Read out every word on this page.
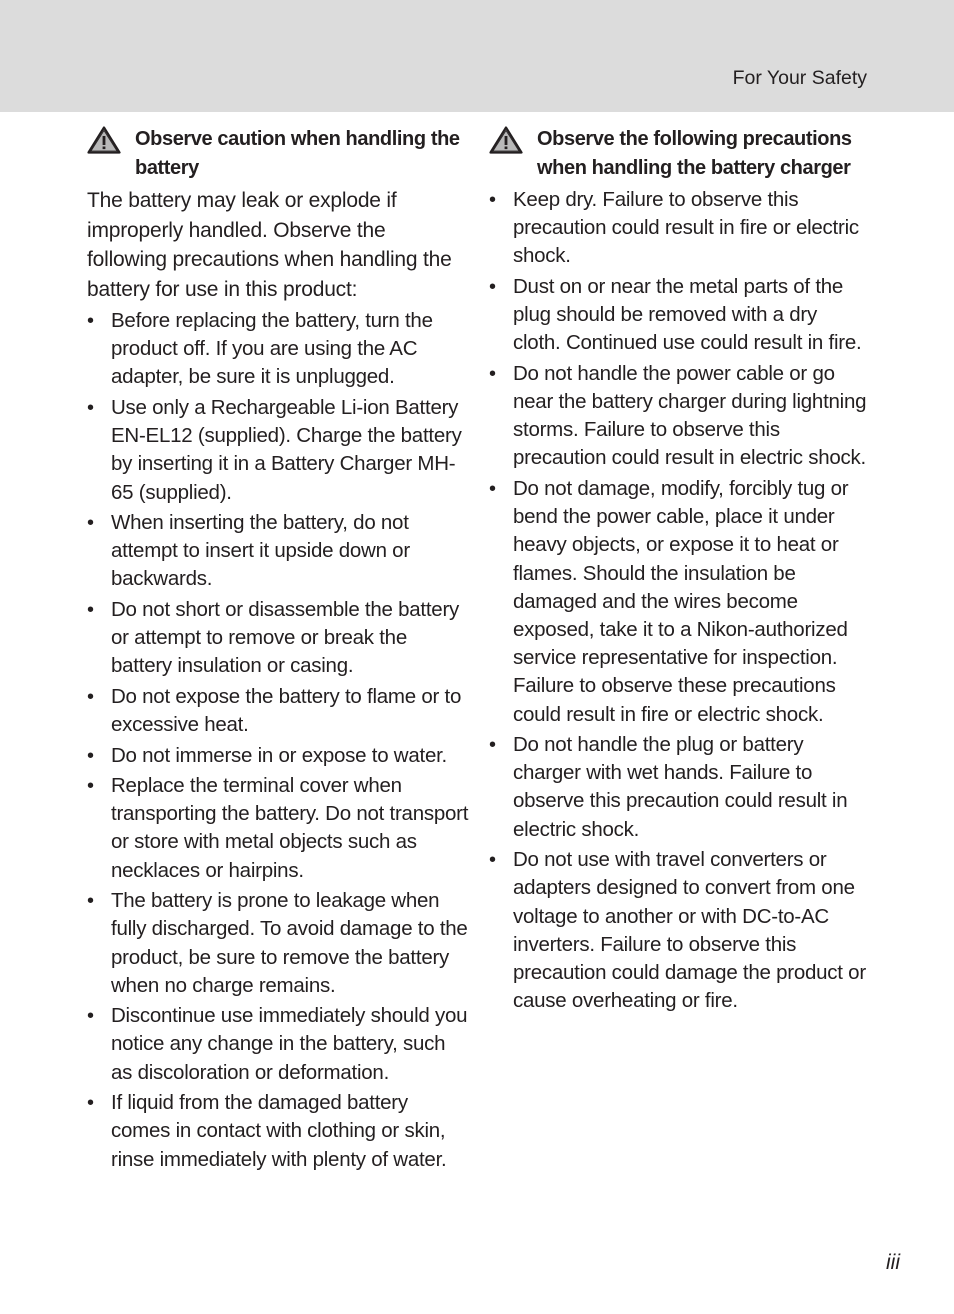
For Your Safety
Observe caution when handling the battery

The battery may leak or explode if improperly handled. Observe the following precautions when handling the battery for use in this product:

• Before replacing the battery, turn the product off. If you are using the AC adapter, be sure it is unplugged.
• Use only a Rechargeable Li-ion Battery EN-EL12 (supplied). Charge the battery by inserting it in a Battery Charger MH-65 (supplied).
• When inserting the battery, do not attempt to insert it upside down or backwards.
• Do not short or disassemble the battery or attempt to remove or break the battery insulation or casing.
• Do not expose the battery to flame or to excessive heat.
• Do not immerse in or expose to water.
• Replace the terminal cover when transporting the battery. Do not transport or store with metal objects such as necklaces or hairpins.
• The battery is prone to leakage when fully discharged. To avoid damage to the product, be sure to remove the battery when no charge remains.
• Discontinue use immediately should you notice any change in the battery, such as discoloration or deformation.
• If liquid from the damaged battery comes in contact with clothing or skin, rinse immediately with plenty of water.
Observe the following precautions when handling the battery charger
• Keep dry. Failure to observe this precaution could result in fire or electric shock.
• Dust on or near the metal parts of the plug should be removed with a dry cloth. Continued use could result in fire.
• Do not handle the power cable or go near the battery charger during lightning storms. Failure to observe this precaution could result in electric shock.
• Do not damage, modify, forcibly tug or bend the power cable, place it under heavy objects, or expose it to heat or flames. Should the insulation be damaged and the wires become exposed, take it to a Nikon-authorized service representative for inspection. Failure to observe these precautions could result in fire or electric shock.
• Do not handle the plug or battery charger with wet hands. Failure to observe this precaution could result in electric shock.
• Do not use with travel converters or adapters designed to convert from one voltage to another or with DC-to-AC inverters. Failure to observe this precaution could damage the product or cause overheating or fire.
iii
